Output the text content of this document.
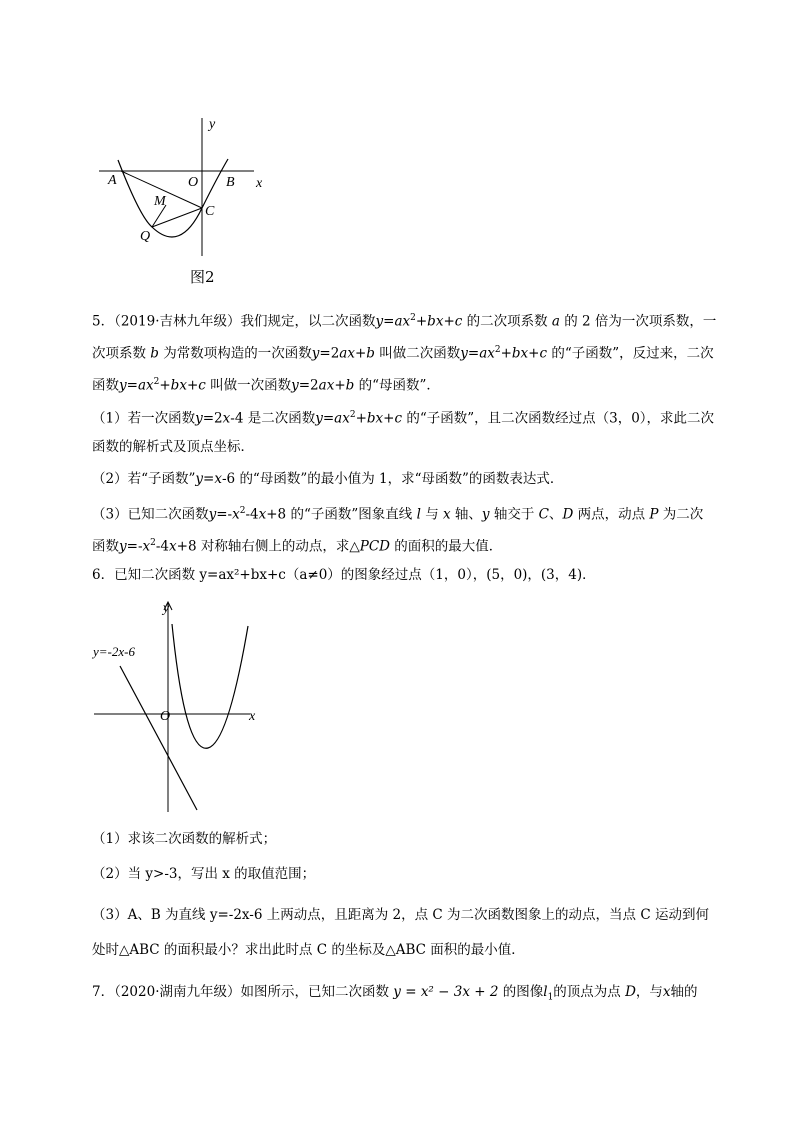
y
x
A	O B
C
M
Q
图2
5．（2019·吉林九年级）我们规定，以二次函数$y=ax^2+bx+c$ 的二次项系数 a 的 2 倍为一次项系数，一
次项系数 b 为常数项构造的一次函数y=2ax+b 叫做二次函数$y=ax^2+bx+c$ 的“子函数”，反过来，二次
函数$y=ax^2+bx+c$ 叫做一次函数y=2ax+b 的“母函数”．
（1）若一次函数y=2x-4 是二次函数$y=ax^2+bx+c$ 的“子函数”，且二次函数经过点（3，0），求此二次
函数的解析式及顶点坐标．
（2）若“子函数”y=x-6 的“母函数”的最小值为 1，求“母函数”的函数表达式．
（3）已知二次函数$y=-x^2-4x+8$ 的“子函数”图象直线 l 与 x 轴、y 轴交于 C、D 两点，动点 P 为二次
函数$y=-x^2-4x+8$ 对称轴右侧上的动点，求△PCD 的面积的最大值．
6．已知二次函数 y=ax²+bx+c（a≠0）的图象经过点（1，0），(5，0)，(3，4)．
y=-2x-6
y
x
O
（1）求该二次函数的解析式；
（2）当 y>-3，写出 x 的取值范围；
（3）A、B 为直线 y=-2x-6 上两动点，且距离为 2，点 C 为二次函数图象上的动点，当点 C 运动到何
处时△ABC 的面积最小？求出此时点 C 的坐标及△ABC 面积的最小值．
7．（2020·湖南九年级）如图所示，已知二次函数 y = x² − 3x + 2 的图像$l_1$的顶点为点 D，与x轴的
